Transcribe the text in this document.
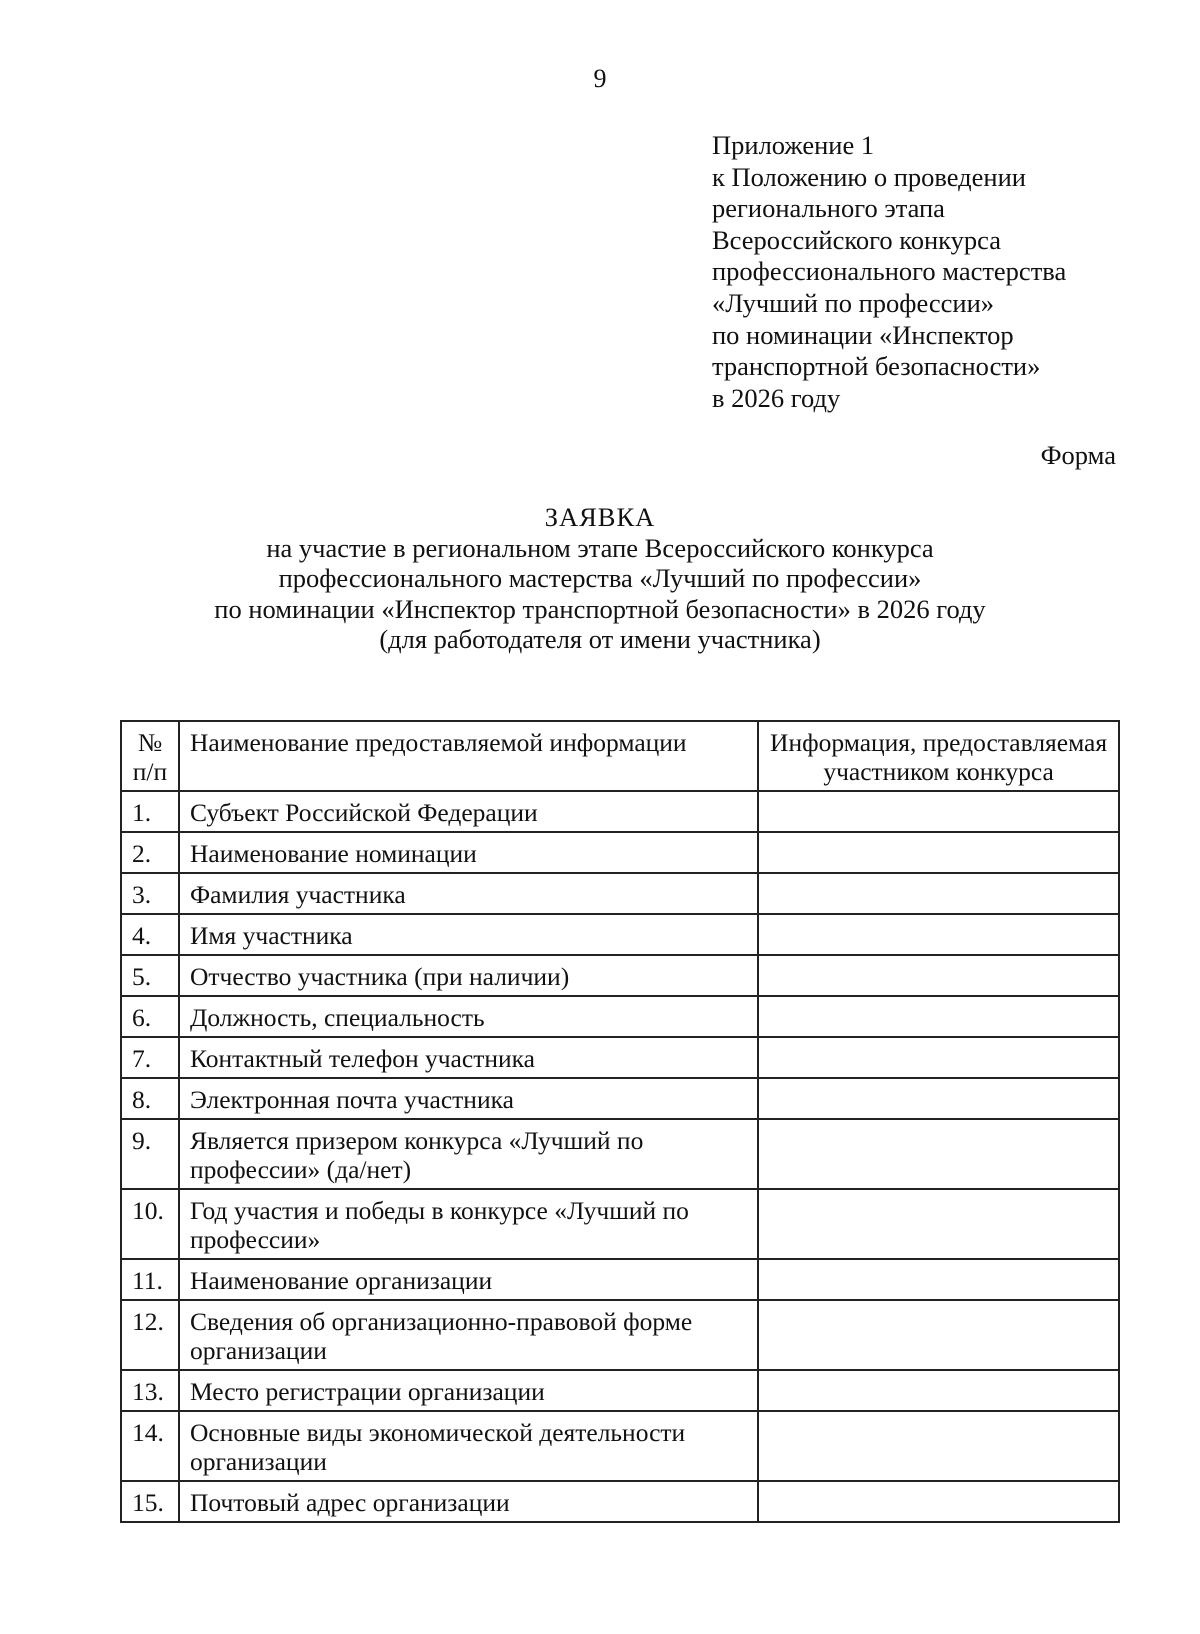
9
Приложение 1
к Положению о проведении
регионального этапа
Всероссийского конкурса
профессионального мастерства
«Лучший по профессии»
по номинации «Инспектор
транспортной безопасности»
в 2026 году
Форма
ЗАЯВКА
на участие в региональном этапе Всероссийского конкурса
профессионального мастерства «Лучший по профессии»
по номинации «Инспектор транспортной безопасности» в 2026 году
(для работодателя от имени участника)
№ п/п	Наименование предоставляемой информации	Информация, предоставляемая участником конкурса
1.	Субъект Российской Федерации	
2.	Наименование номинации	
3.	Фамилия участника	
4.	Имя участника	
5.	Отчество участника (при наличии)	
6.	Должность, специальность	
7.	Контактный телефон участника	
8.	Электронная почта участника	
9.	Является призером конкурса «Лучший по профессии» (да/нет)	
10.	Год участия и победы в конкурсе «Лучший по профессии»	
11.	Наименование организации	
12.	Сведения об организационно-правовой форме организации	
13.	Место регистрации организации	
14.	Основные виды экономической деятельности организации	
15.	Почтовый адрес организации	
